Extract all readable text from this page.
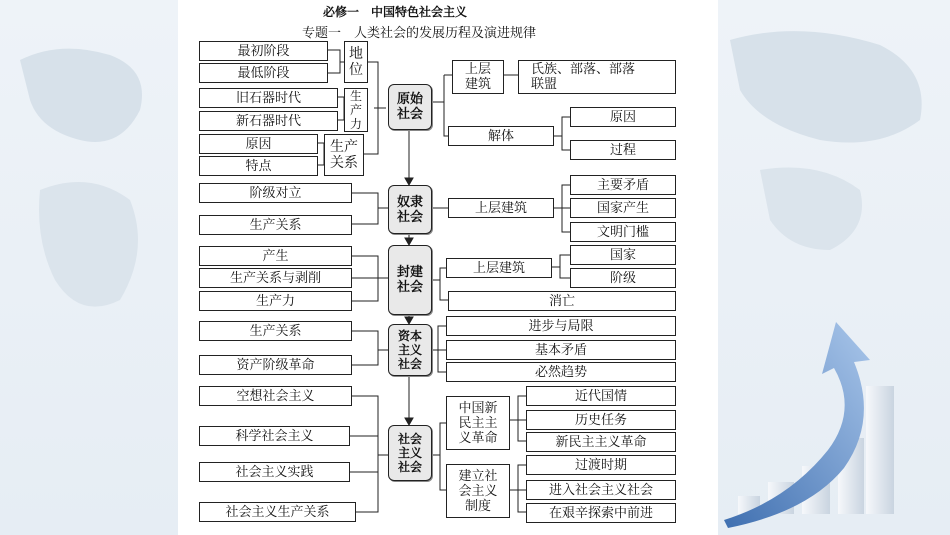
必修一　中国特色社会主义
专题一　人类社会的发展历程及演进规律
最初阶段
最低阶段
旧石器时代
新石器时代
原因
特点
地
位
生
产
力
生产
关系
原始
社会
上层
建筑
氏族、部落、部落
联盟
解体
原因
过程
阶级对立
生产关系
奴隶
社会
上层建筑
主要矛盾
国家产生
文明门槛
产生
生产关系与剥削
生产力
封建
社会
上层建筑
国家
阶级
消亡
生产关系
资产阶级革命
资本
主义
社会
进步与局限
基本矛盾
必然趋势
空想社会主义
科学社会主义
社会主义实践
社会主义生产关系
社会
主义
社会
中国新
民主主
义革命
近代国情
历史任务
新民主主义革命
建立社
会主义
制度
过渡时期
进入社会主义社会
在艰辛探索中前进
